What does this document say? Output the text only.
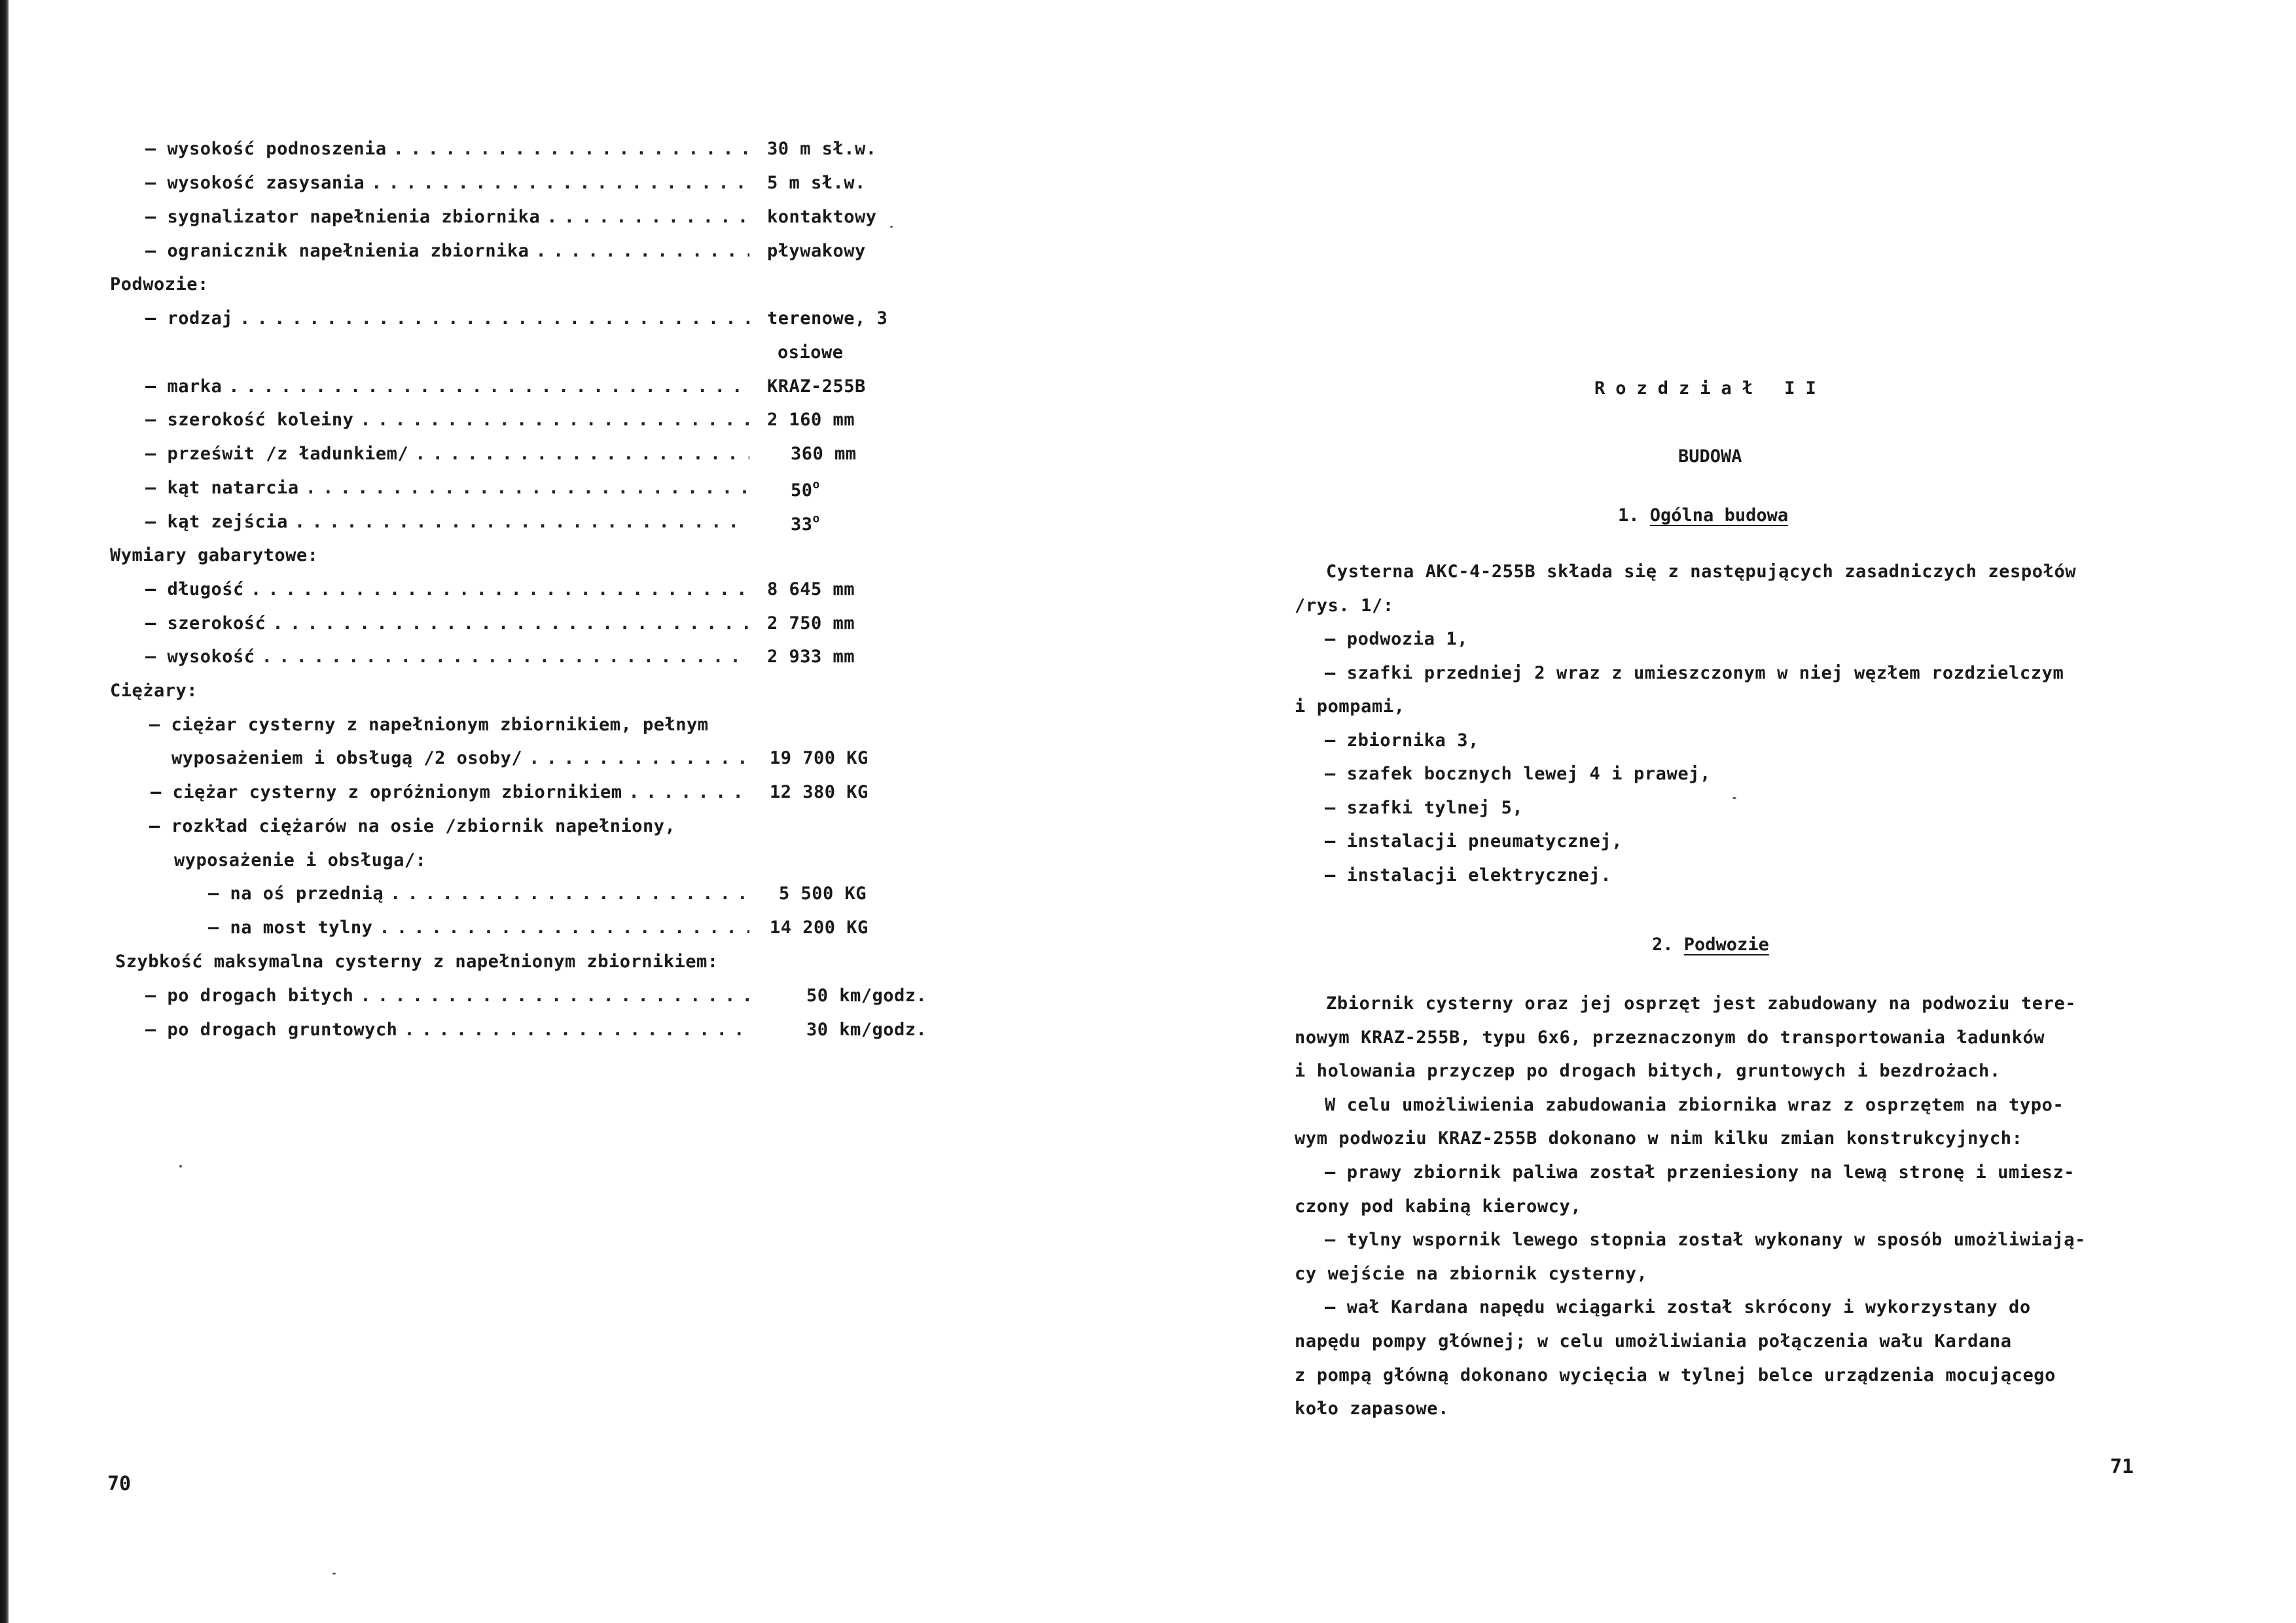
– wysokość podnoszenia . . .	30 m sł.w.
– wysokość zasysania . . .	5 m sł.w.
– sygnalizator napełnienia zbiornika . . .	kontaktowy
– ogranicznik napełnienia zbiornika . . .	pływakowy
Podwozie:
– rodzaj . . .	terenowe, 3
osiowe
– marka . . .	KRAZ-255B
– szerokość koleiny . . .	2 160 mm
– prześwit /z ładunkiem/ . . .	360 mm
– kąt natarcia . . .	50$^o$
– kąt zejścia . . .	33$^o$
Wymiary gabarytowe:
– długość . . .	8 645 mm
– szerokość . . .	2 750 mm
– wysokość . . .	2 933 mm
Ciężary:
– ciężar cysterny z napełnionym zbiornikiem, pełnym
wyposażeniem i obsługą /2 osoby/ . . .	19 700 KG
– ciężar cysterny z opróżnionym zbiornikiem . . .	12 380 KG
– rozkład ciężarów na osie /zbiornik napełniony,
wyposażenie i obsługa/:
– na oś przednią . . .	5 500 KG
– na most tylny . . .	14 200 KG
Szybkość maksymalna cysterny z napełnionym zbiornikiem:
– po drogach bitych . . .	50 km/godz.
– po drogach gruntowych . . .	30 km/godz.
70
Rozdział II
BUDOWA
1. Ogólna budowa
Cysterna AKC-4-255B składa się z następujących zasadniczych zespołów
/rys. 1/:
– podwozia 1,
– szafki przedniej 2 wraz z umieszczonym w niej węzłem rozdzielczym
i pompami,
– zbiornika 3,
– szafek bocznych lewej 4 i prawej,
– szafki tylnej 5,
– instalacji pneumatycznej,
– instalacji elektrycznej.
2. Podwozie
Zbiornik cysterny oraz jej osprzęt jest zabudowany na podwoziu tere-
nowym KRAZ-255B, typu 6x6, przeznaczonym do transportowania ładunków
i holowania przyczep po drogach bitych, gruntowych i bezdrożach.
W celu umożliwienia zabudowania zbiornika wraz z osprzętem na typo-
wym podwoziu KRAZ-255B dokonano w nim kilku zmian konstrukcyjnych:
– prawy zbiornik paliwa został przeniesiony na lewą stronę i umiesz-
czony pod kabiną kierowcy,
– tylny wspornik lewego stopnia został wykonany w sposób umożliwiają-
cy wejście na zbiornik cysterny,
– wał Kardana napędu wciągarki został skrócony i wykorzystany do
napędu pompy głównej; w celu umożliwiania połączenia wału Kardana
z pompą główną dokonano wycięcia w tylnej belce urządzenia mocującego
koło zapasowe.
71
